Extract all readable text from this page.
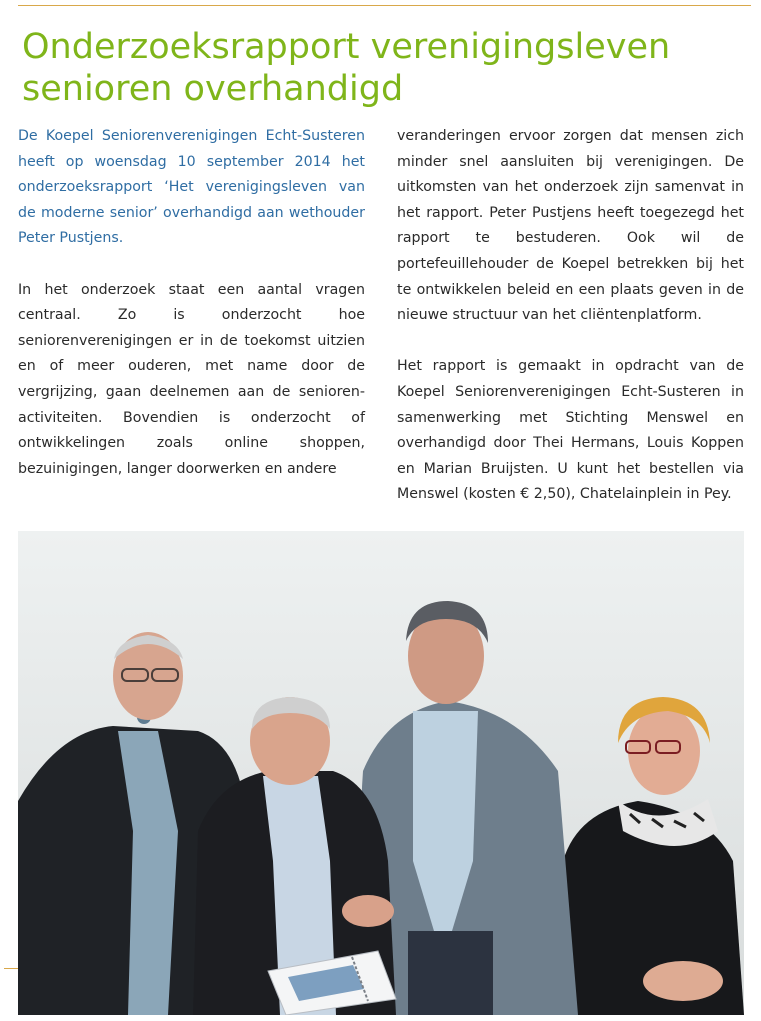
Onderzoeksrapport verenigingsleven
senioren overhandigd

De Koepel Seniorenverenigingen Echt-Susteren heeft op woensdag 10 september 2014 het onderzoeksrapport ‘Het verenigingsleven van de moderne senior’ overhandigd aan wethouder Peter Pustjens.

In het onderzoek staat een aantal vragen centraal. Zo is onderzocht hoe seniorenverenigingen er in de toekomst uitzien en of meer ouderen, met name door de vergrijzing, gaan deelnemen aan de seniorenactiviteiten. Bovendien is onderzocht of ontwikkelingen zoals online shoppen, bezuinigingen, langer doorwerken en andere

veranderingen ervoor zorgen dat mensen zich minder snel aansluiten bij verenigingen. De uitkomsten van het onderzoek zijn samenvat in het rapport. Peter Pustjens heeft toegezegd het rapport te bestuderen. Ook wil de portefeuillehouder de Koepel betrekken bij het te ontwikkelen beleid en een plaats geven in de nieuwe structuur van het cliëntenplatform.

Het rapport is gemaakt in opdracht van de Koepel Seniorenverenigingen Echt-Susteren in samenwerking met Stichting Menswel en overhandigd door Thei Hermans, Louis Koppen en Marian Bruijsten. U kunt het bestellen via Menswel (kosten € 2,50), Chatelainplein in Pey.
